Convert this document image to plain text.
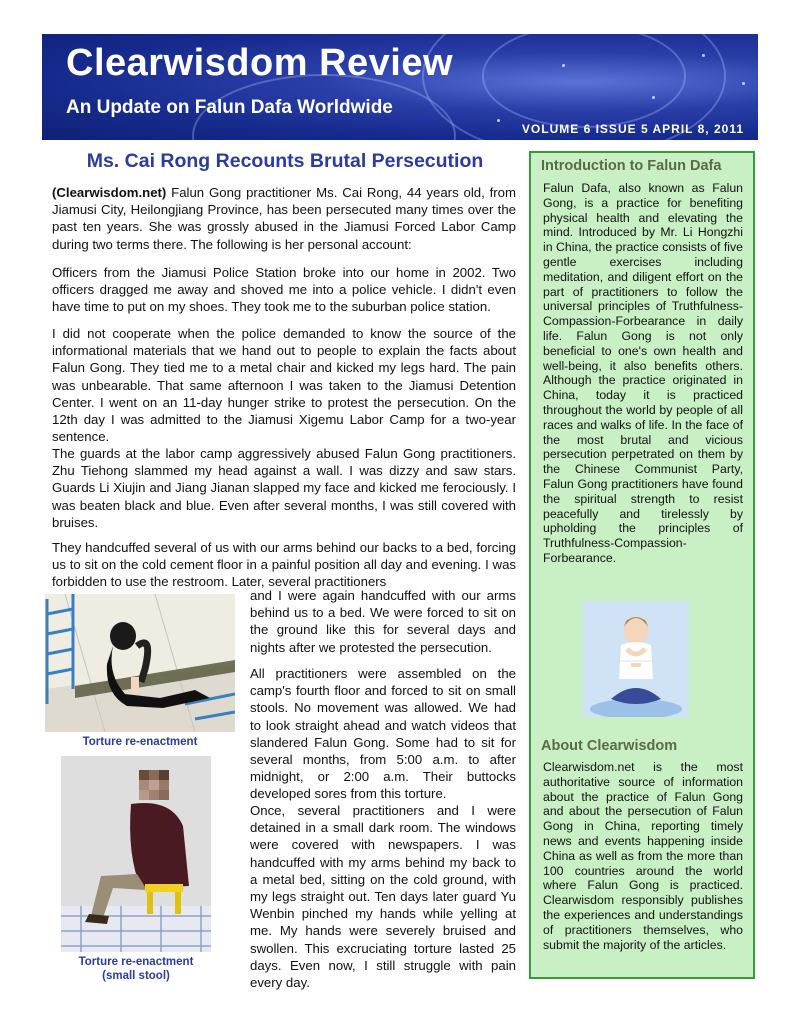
Clearwisdom Review
An Update on Falun Dafa Worldwide
VOLUME 6 ISSUE 5 APRIL 8, 2011
Ms. Cai Rong Recounts Brutal Persecution

(Clearwisdom.net) Falun Gong practitioner Ms. Cai Rong, 44 years old, from Jiamusi City, Heilongjiang Province, has been persecuted many times over the past ten years. She was grossly abused in the Jiamusi Forced Labor Camp during two terms there. The following is her personal account:

Officers from the Jiamusi Police Station broke into our home in 2002. Two officers dragged me away and shoved me into a police vehicle. I didn't even have time to put on my shoes. They took me to the suburban police station.

I did not cooperate when the police demanded to know the source of the informational materials that we hand out to people to explain the facts about Falun Gong. They tied me to a metal chair and kicked my legs hard. The pain was unbearable. That same afternoon I was taken to the Jiamusi Detention Center. I went on an 11-day hunger strike to protest the persecution. On the 12th day I was admitted to the Jiamusi Xigemu Labor Camp for a two-year sentence.

The guards at the labor camp aggressively abused Falun Gong practitioners. Zhu Tiehong slammed my head against a wall. I was dizzy and saw stars. Guards Li Xiujin and Jiang Jianan slapped my face and kicked me ferociously. I was beaten black and blue. Even after several months, I was still covered with bruises.

They handcuffed several of us with our arms behind our backs to a bed, forcing us to sit on the cold cement floor in a painful position all day and evening. I was forbidden to use the restroom. Later, several practitioners

and I were again handcuffed with our arms behind us to a bed. We were forced to sit on the ground like this for several days and nights after we protested the persecution.

All practitioners were assembled on the camp's fourth floor and forced to sit on small stools. No movement was allowed. We had to look straight ahead and watch videos that slandered Falun Gong. Some had to sit for several months, from 5:00 a.m. to after midnight, or 2:00 a.m. Their buttocks developed sores from this torture.

Once, several practitioners and I were detained in a small dark room. The windows were covered with newspapers. I was handcuffed with my arms behind my back to a metal bed, sitting on the cold ground, with my legs straight out. Ten days later guard Yu Wenbin pinched my hands while yelling at me. My hands were severely bruised and swollen. This excruciating torture lasted 25 days. Even now, I still struggle with pain every day.

Torture re-enactment
Torture re-enactment
(small stool)
Introduction to Falun Dafa

Falun Dafa, also known as Falun Gong, is a practice for benefiting physical health and elevating the mind. Introduced by Mr. Li Hongzhi in China, the practice consists of five gentle exercises including meditation, and diligent effort on the part of practitioners to follow the universal principles of Truthfulness-Compassion-Forbearance in daily life. Falun Gong is not only beneficial to one's own health and well-being, it also benefits others. Although the practice originated in China, today it is practiced throughout the world by people of all races and walks of life. In the face of the most brutal and vicious persecution perpetrated on them by the Chinese Communist Party, Falun Gong practitioners have found the spiritual strength to resist peacefully and tirelessly by upholding the principles of Truthfulness-Compassion-Forbearance.

About Clearwisdom

Clearwisdom.net is the most authoritative source of information about the practice of Falun Gong and about the persecution of Falun Gong in China, reporting timely news and events happening inside China as well as from the more than 100 countries around the world where Falun Gong is practiced. Clearwisdom responsibly publishes the experiences and understandings of practitioners themselves, who submit the majority of the articles.
